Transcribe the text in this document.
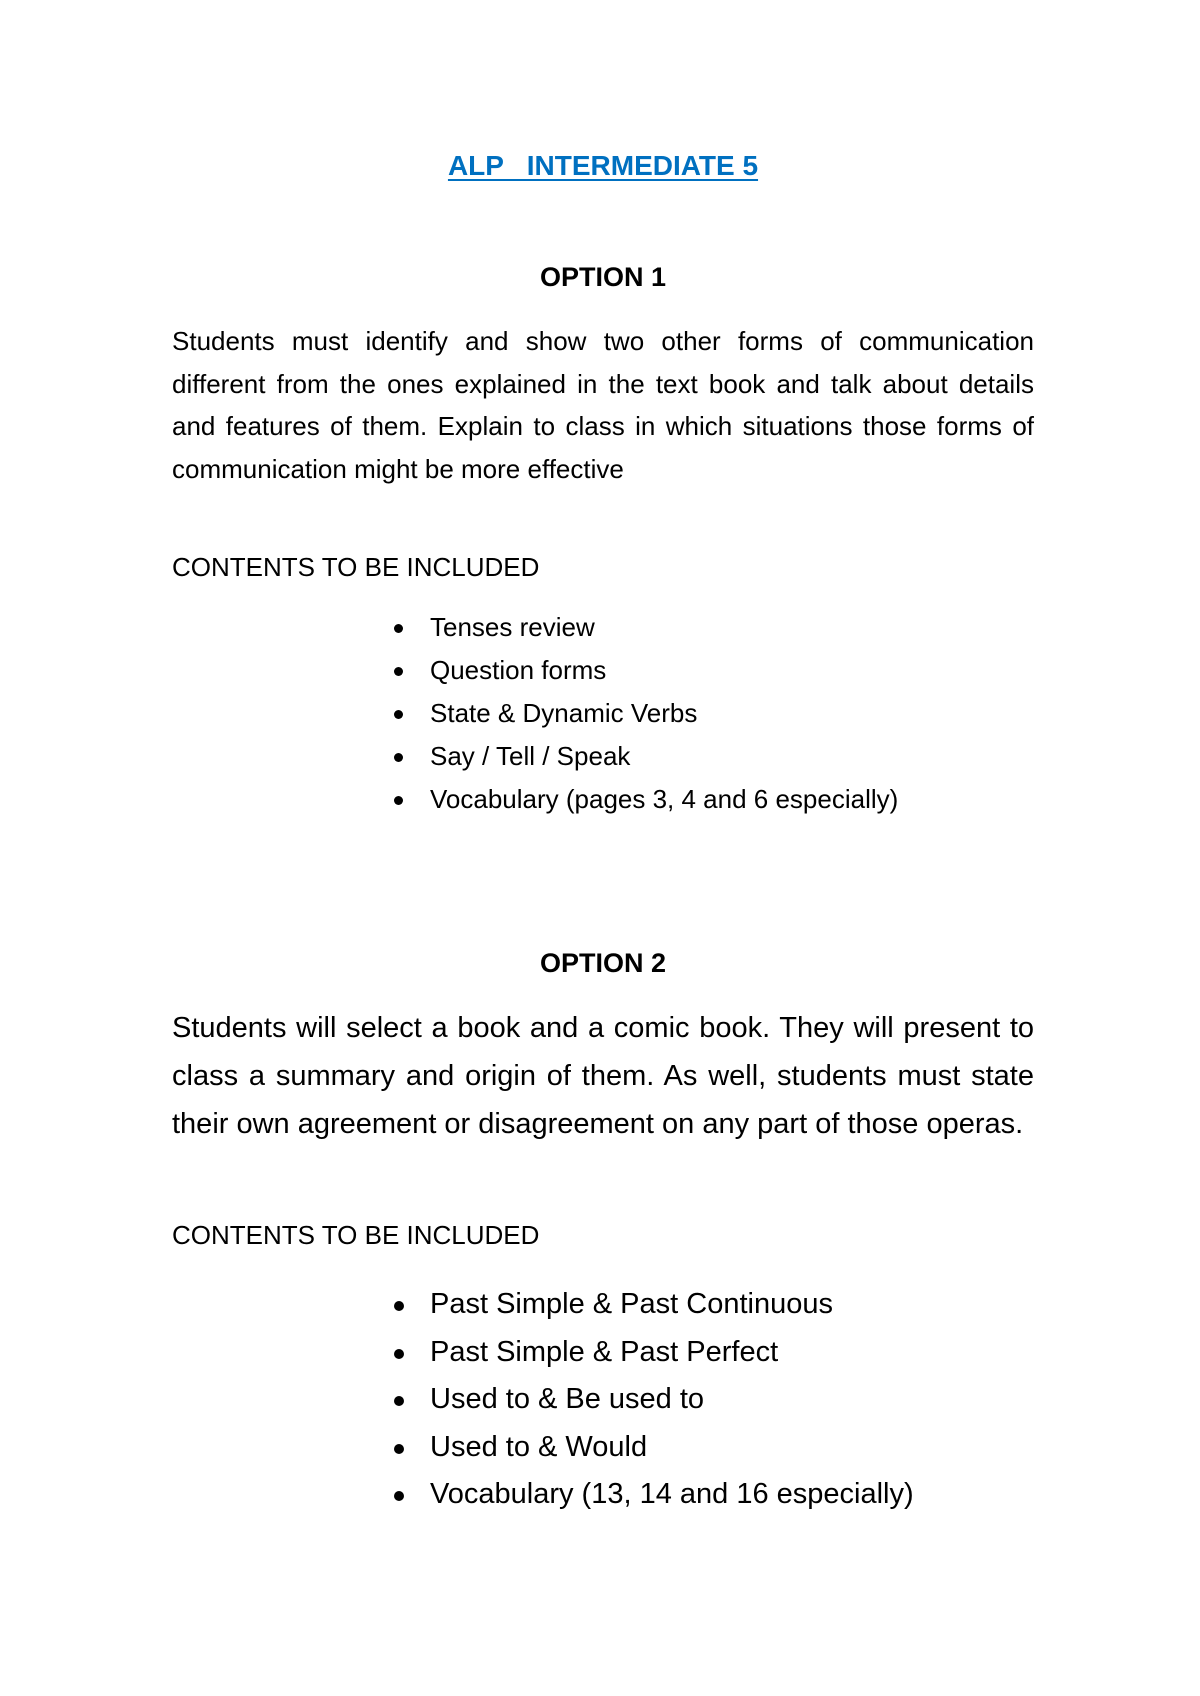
ALP   INTERMEDIATE 5
OPTION 1

Students must identify and show two other forms of communication different from the ones explained in the text book and talk about details and features of them. Explain to class in which situations those forms of communication might be more effective

CONTENTS TO BE INCLUDED
Tenses review
Question forms
State & Dynamic Verbs
Say / Tell / Speak
Vocabulary (pages 3, 4 and 6 especially)
OPTION 2

Students will select a book and a comic book. They will present to class a summary and origin of them. As well, students must state their own agreement or disagreement on any part of those operas.

CONTENTS TO BE INCLUDED
Past Simple & Past Continuous
Past Simple & Past Perfect
Used to & Be used to
Used to & Would
Vocabulary (13, 14 and 16 especially)
